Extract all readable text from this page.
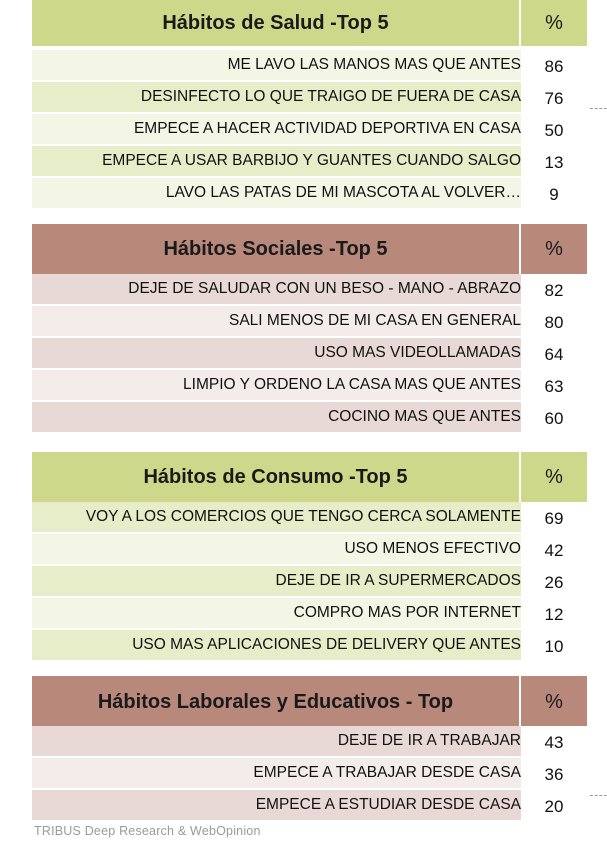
Hábitos de Salud -Top 5	%
ME LAVO LAS MANOS MAS QUE ANTES	86
DESINFECTO LO QUE TRAIGO DE FUERA DE CASA	76
EMPECE A HACER ACTIVIDAD DEPORTIVA EN CASA	50
EMPECE A USAR BARBIJO Y GUANTES CUANDO SALGO	13
LAVO LAS PATAS DE MI MASCOTA AL VOLVER…	9
Hábitos Sociales -Top 5	%
DEJE DE SALUDAR CON UN BESO - MANO - ABRAZO	82
SALI MENOS DE MI CASA EN GENERAL	80
USO MAS VIDEOLLAMADAS	64
LIMPIO Y ORDENO LA CASA MAS QUE ANTES	63
COCINO MAS QUE ANTES	60
Hábitos de Consumo -Top 5	%
VOY A LOS COMERCIOS QUE TENGO CERCA SOLAMENTE	69
USO MENOS EFECTIVO	42
DEJE DE IR A SUPERMERCADOS	26
COMPRO MAS POR INTERNET	12
USO MAS APLICACIONES DE DELIVERY QUE ANTES	10
Hábitos Laborales y Educativos - Top	%
DEJE DE IR A TRABAJAR	43
EMPECE A TRABAJAR DESDE CASA	36
EMPECE A ESTUDIAR DESDE CASA	20
TRIBUS Deep Research & WebOpinion
